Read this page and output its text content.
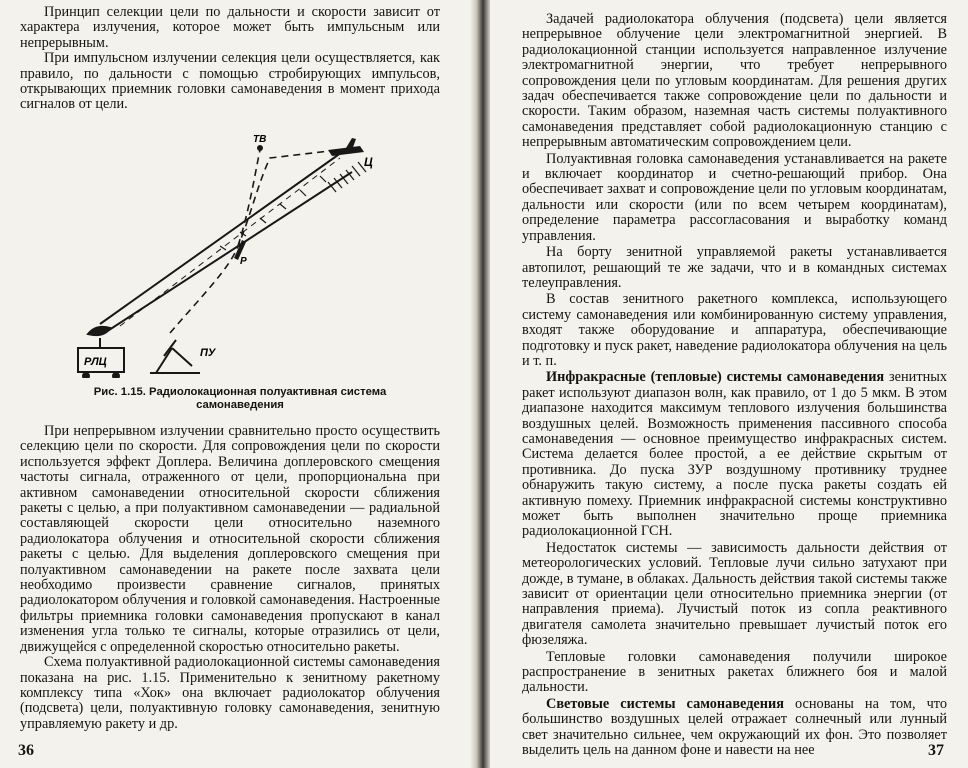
Принцип селекции цели по дальности и скорости зависит от характера излучения, которое может быть импульсным или непрерывным.

При импульсном излучении селекция цели осуществляется, как правило, по дальности с помощью стробирующих импульсов, открывающих приемник головки самонаведения в момент прихода сигналов от цели.

ТВ
Ц
Р
РЛЦ
ПУ
Рис. 1.15. Радиолокационная полуактивная система самонаведения

При непрерывном излучении сравнительно просто осуществить селекцию цели по скорости. Для сопровождения цели по скорости используется эффект Доплера. Величина доплеровского смещения частоты сигнала, отраженного от цели, пропорциональна при активном самонаведении относительной скорости сближения ракеты с целью, а при полуактивном самонаведении — радиальной составляющей скорости цели относительно наземного радиолокатора облучения и относительной скорости сближения ракеты с целью. Для выделения доплеровского смещения при полуактивном самонаведении на ракете после захвата цели необходимо произвести сравнение сигналов, принятых радиолокатором облучения и головкой самонаведения. Настроенные фильтры приемника головки самонаведения пропускают в канал изменения угла только те сигналы, которые отразились от цели, движущейся с определенной скоростью относительно ракеты.

Схема полуактивной радиолокационной системы самонаведения показана на рис. 1.15. Применительно к зенитному ракетному комплексу типа «Хок» она включает радиолокатор облучения (подсвета) цели, полуактивную головку самонаведения, зенитную управляемую ракету и др.

36

Задачей радиолокатора облучения (подсвета) цели является непрерывное облучение цели электромагнитной энергией. В радиолокационной станции используется направленное излучение электромагнитной энергии, что требует непрерывного сопровождения цели по угловым координатам. Для решения других задач обеспечивается также сопровождение цели по дальности и скорости. Таким образом, наземная часть системы полуактивного самонаведения представляет собой радиолокационную станцию с непрерывным автоматическим сопровождением цели.

Полуактивная головка самонаведения устанавливается на ракете и включает координатор и счетно-решающий прибор. Она обеспечивает захват и сопровождение цели по угловым координатам, дальности или скорости (или по всем четырем координатам), определение параметра рассогласования и выработку команд управления.

На борту зенитной управляемой ракеты устанавливается автопилот, решающий те же задачи, что и в командных системах телеуправления.

В состав зенитного ракетного комплекса, использующего систему самонаведения или комбинированную систему управления, входят также оборудование и аппаратура, обеспечивающие подготовку и пуск ракет, наведение радиолокатора облучения на цель и т. п.

Инфракрасные (тепловые) системы самонаведения зенитных ракет используют диапазон волн, как правило, от 1 до 5 мкм. В этом диапазоне находится максимум теплового излучения большинства воздушных целей. Возможность применения пассивного способа самонаведения — основное преимущество инфракрасных систем. Система делается более простой, а ее действие скрытым от противника. До пуска ЗУР воздушному противнику труднее обнаружить такую систему, а после пуска ракеты создать ей активную помеху. Приемник инфракрасной системы конструктивно может быть выполнен значительно проще приемника радиолокационной ГСН.

Недостаток системы — зависимость дальности действия от метеорологических условий. Тепловые лучи сильно затухают при дожде, в тумане, в облаках. Дальность действия такой системы также зависит от ориентации цели относительно приемника энергии (от направления приема). Лучистый поток из сопла реактивного двигателя самолета значительно превышает лучистый поток его фюзеляжа.

Тепловые головки самонаведения получили широкое распространение в зенитных ракетах ближнего боя и малой дальности.

Световые системы самонаведения основаны на том, что большинство воздушных целей отражает солнечный или лунный свет значительно сильнее, чем окружающий их фон. Это позволяет выделить цель на данном фоне и навести на нее	37
